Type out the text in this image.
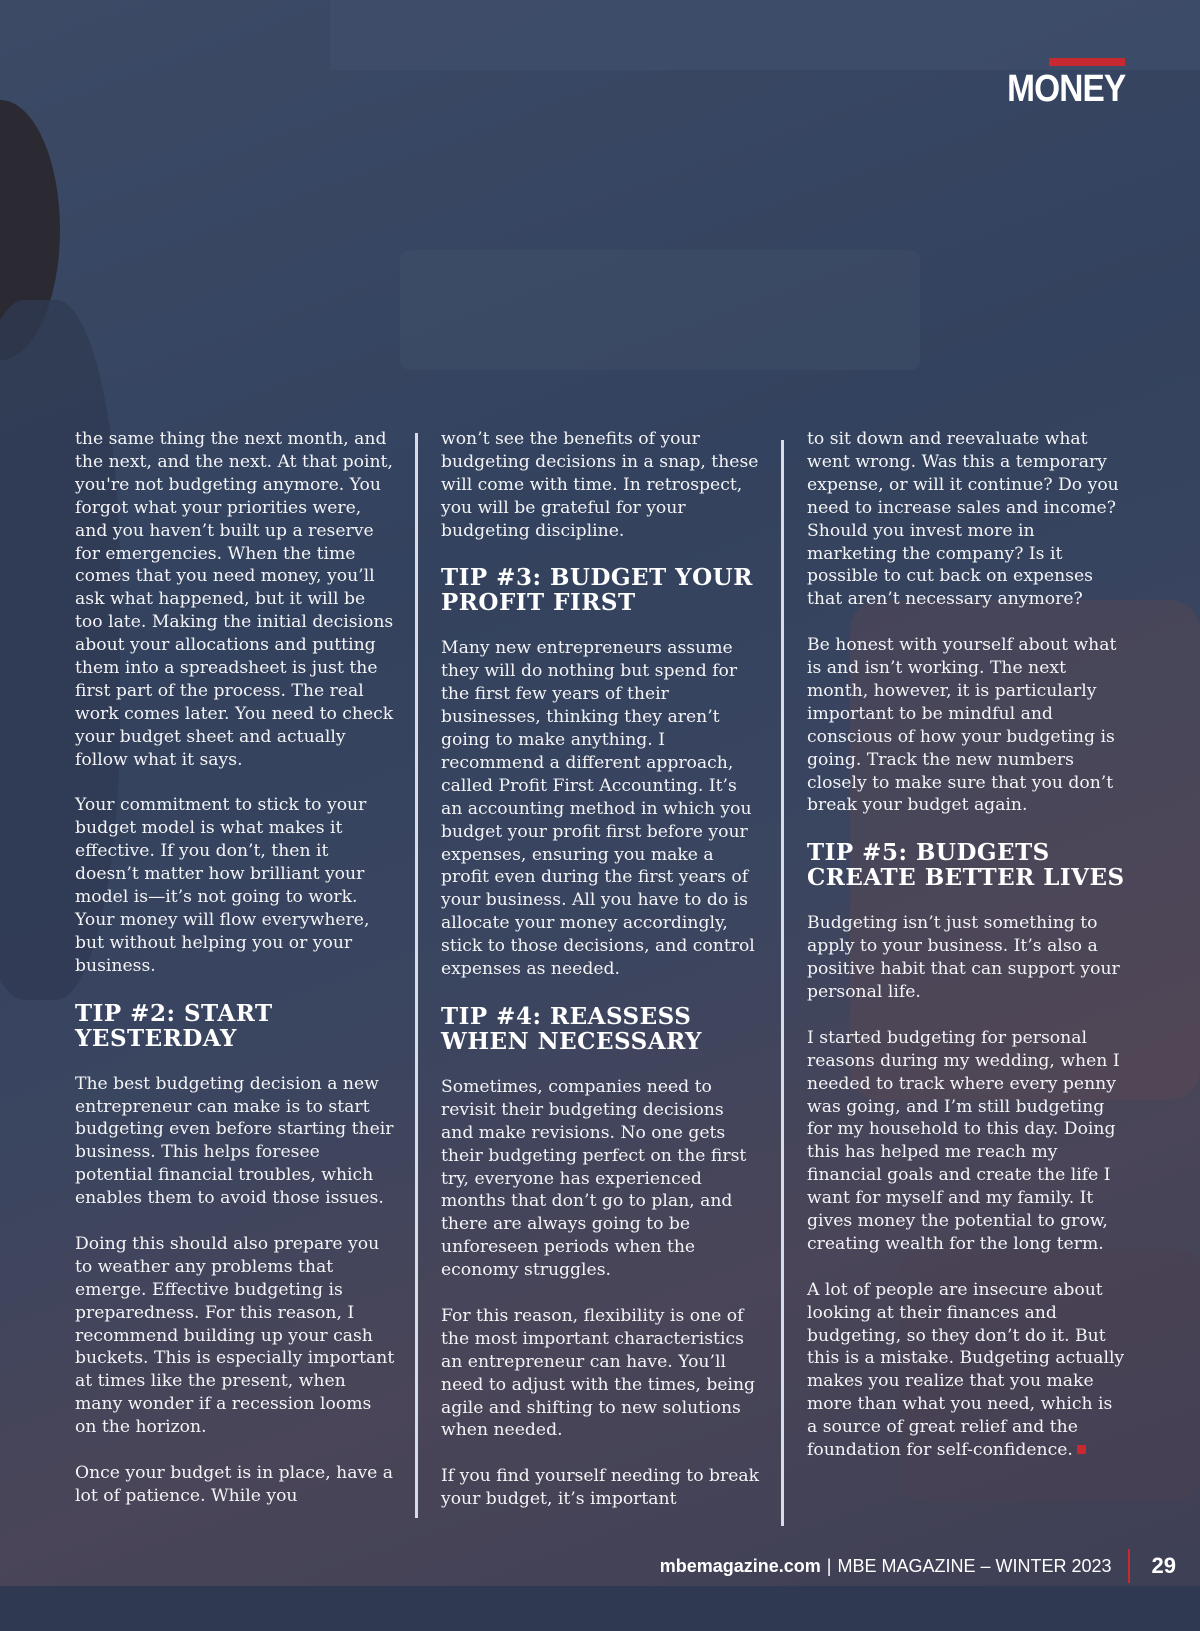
MONEY

the same thing the next month, and the next, and the next. At that point, you're not budgeting anymore. You forgot what your priorities were, and you haven’t built up a reserve for emergencies. When the time comes that you need money, you’ll ask what happened, but it will be too late. Making the initial decisions about your allocations and putting them into a spreadsheet is just the first part of the process. The real work comes later. You need to check your budget sheet and actually follow what it says.

Your commitment to stick to your budget model is what makes it effective. If you don’t, then it doesn’t matter how brilliant your model is—it’s not going to work. Your money will flow everywhere, but without helping you or your business.

TIP #2: START YESTERDAY

The best budgeting decision a new entrepreneur can make is to start budgeting even before starting their business. This helps foresee potential financial troubles, which enables them to avoid those issues.

Doing this should also prepare you to weather any problems that emerge. Effective budgeting is preparedness. For this reason, I recommend building up your cash buckets. This is especially important at times like the present, when many wonder if a recession looms on the horizon.

Once your budget is in place, have a lot of patience. While you

won’t see the benefits of your budgeting decisions in a snap, these will come with time. In retrospect, you will be grateful for your budgeting discipline.

TIP #3: BUDGET YOUR PROFIT FIRST

Many new entrepreneurs assume they will do nothing but spend for the first few years of their businesses, thinking they aren’t going to make anything. I recommend a different approach, called Profit First Accounting. It’s an accounting method in which you budget your profit first before your expenses, ensuring you make a profit even during the first years of your business. All you have to do is allocate your money accordingly, stick to those decisions, and control expenses as needed.

TIP #4: REASSESS WHEN NECESSARY

Sometimes, companies need to revisit their budgeting decisions and make revisions. No one gets their budgeting perfect on the first try, everyone has experienced months that don’t go to plan, and there are always going to be unforeseen periods when the economy struggles.

For this reason, flexibility is one of the most important characteristics an entrepreneur can have. You’ll need to adjust with the times, being agile and shifting to new solutions when needed.

If you find yourself needing to break your budget, it’s important

to sit down and reevaluate what went wrong. Was this a temporary expense, or will it continue? Do you need to increase sales and income? Should you invest more in marketing the company? Is it possible to cut back on expenses that aren’t necessary anymore?

Be honest with yourself about what is and isn’t working. The next month, however, it is particularly important to be mindful and conscious of how your budgeting is going. Track the new numbers closely to make sure that you don’t break your budget again.

TIP #5: BUDGETS CREATE BETTER LIVES

Budgeting isn’t just something to apply to your business. It’s also a positive habit that can support your personal life.

I started budgeting for personal reasons during my wedding, when I needed to track where every penny was going, and I’m still budgeting for my household to this day. Doing this has helped me reach my financial goals and create the life I want for myself and my family. It gives money the potential to grow, creating wealth for the long term.

A lot of people are insecure about looking at their finances and budgeting, so they don’t do it. But this is a mistake. Budgeting actually makes you realize that you make more than what you need, which is a source of great relief and the foundation for self-confidence.

mbemagazine.com | MBE MAGAZINE – WINTER 2023 29
